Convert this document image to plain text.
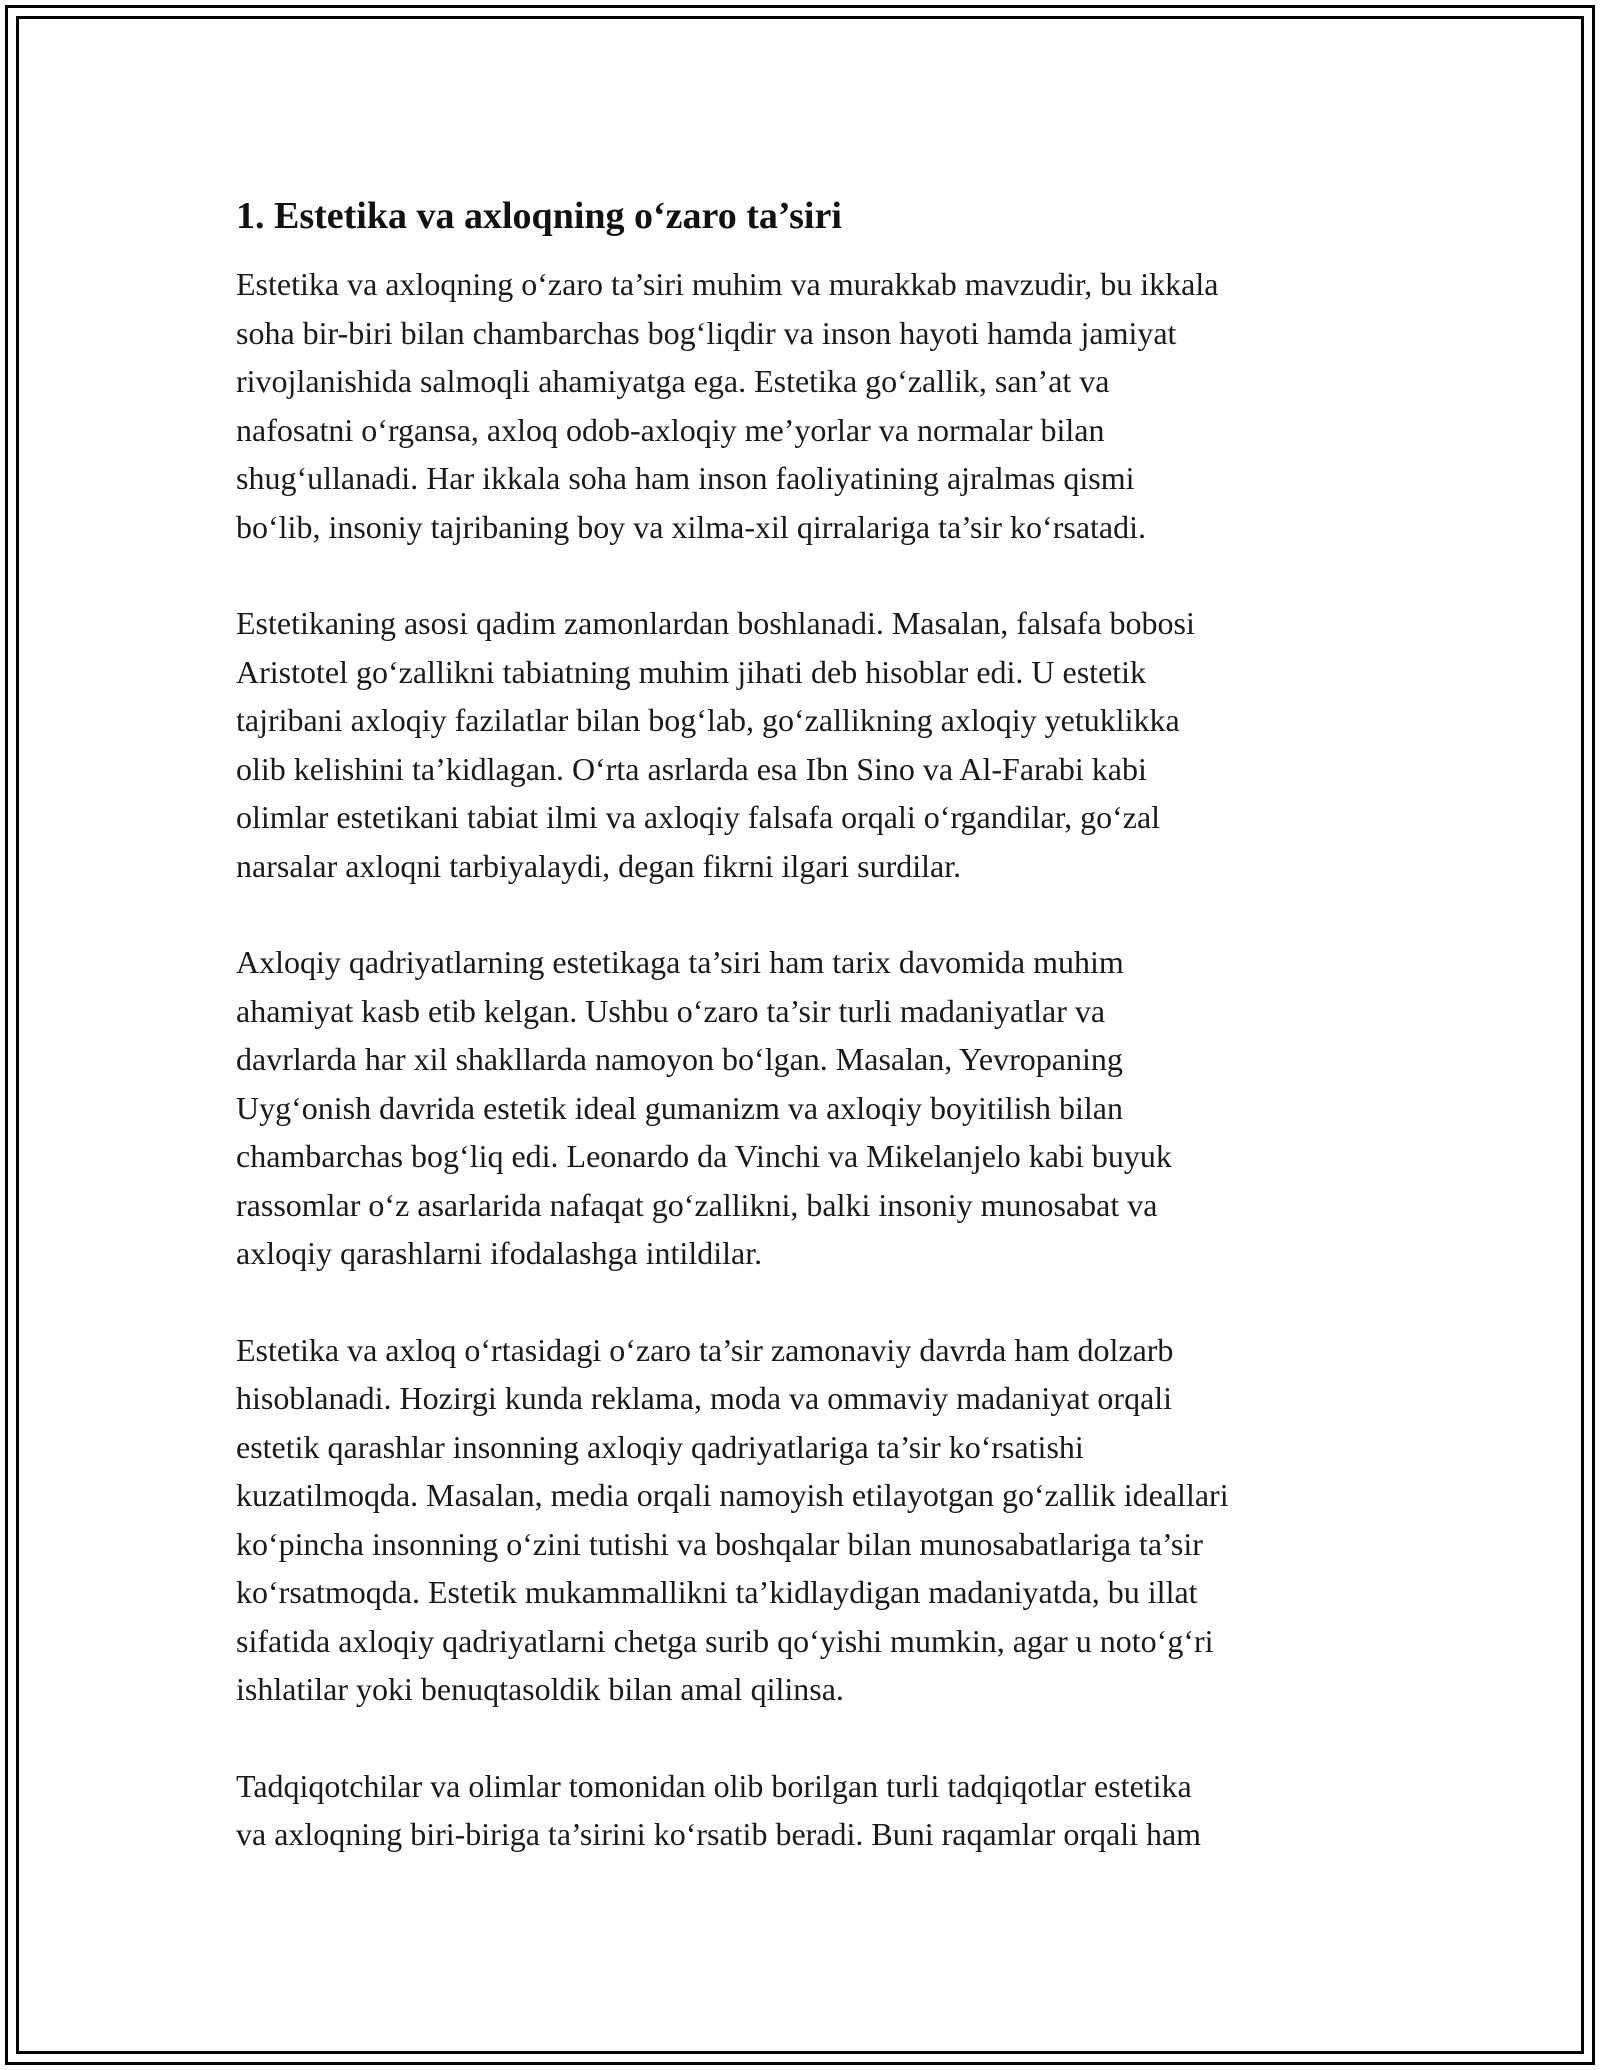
1. Estetika va axloqning o‘zaro ta’siri

Estetika va axloqning o‘zaro ta’siri muhim va murakkab mavzudir, bu ikkala
soha bir-biri bilan chambarchas bog‘liqdir va inson hayoti hamda jamiyat
rivojlanishida salmoqli ahamiyatga ega. Estetika go‘zallik, san’at va
nafosatni o‘rgansa, axloq odob-axloqiy me’yorlar va normalar bilan
shug‘ullanadi. Har ikkala soha ham inson faoliyatining ajralmas qismi
bo‘lib, insoniy tajribaning boy va xilma-xil qirralariga ta’sir ko‘rsatadi.

Estetikaning asosi qadim zamonlardan boshlanadi. Masalan, falsafa bobosi
Aristotel go‘zallikni tabiatning muhim jihati deb hisoblar edi. U estetik
tajribani axloqiy fazilatlar bilan bog‘lab, go‘zallikning axloqiy yetuklikka
olib kelishini ta’kidlagan. O‘rta asrlarda esa Ibn Sino va Al-Farabi kabi
olimlar estetikani tabiat ilmi va axloqiy falsafa orqali o‘rgandilar, go‘zal
narsalar axloqni tarbiyalaydi, degan fikrni ilgari surdilar.

Axloqiy qadriyatlarning estetikaga ta’siri ham tarix davomida muhim
ahamiyat kasb etib kelgan. Ushbu o‘zaro ta’sir turli madaniyatlar va
davrlarda har xil shakllarda namoyon bo‘lgan. Masalan, Yevropaning
Uyg‘onish davrida estetik ideal gumanizm va axloqiy boyitilish bilan
chambarchas bog‘liq edi. Leonardo da Vinchi va Mikelanjelo kabi buyuk
rassomlar o‘z asarlarida nafaqat go‘zallikni, balki insoniy munosabat va
axloqiy qarashlarni ifodalashga intildilar.

Estetika va axloq o‘rtasidagi o‘zaro ta’sir zamonaviy davrda ham dolzarb
hisoblanadi. Hozirgi kunda reklama, moda va ommaviy madaniyat orqali
estetik qarashlar insonning axloqiy qadriyatlariga ta’sir ko‘rsatishi
kuzatilmoqda. Masalan, media orqali namoyish etilayotgan go‘zallik ideallari
ko‘pincha insonning o‘zini tutishi va boshqalar bilan munosabatlariga ta’sir
ko‘rsatmoqda. Estetik mukammallikni ta’kidlaydigan madaniyatda, bu illat
sifatida axloqiy qadriyatlarni chetga surib qo‘yishi mumkin, agar u noto‘g‘ri
ishlatilar yoki benuqtasoldik bilan amal qilinsa.

Tadqiqotchilar va olimlar tomonidan olib borilgan turli tadqiqotlar estetika
va axloqning biri-biriga ta’sirini ko‘rsatib beradi. Buni raqamlar orqali ham
